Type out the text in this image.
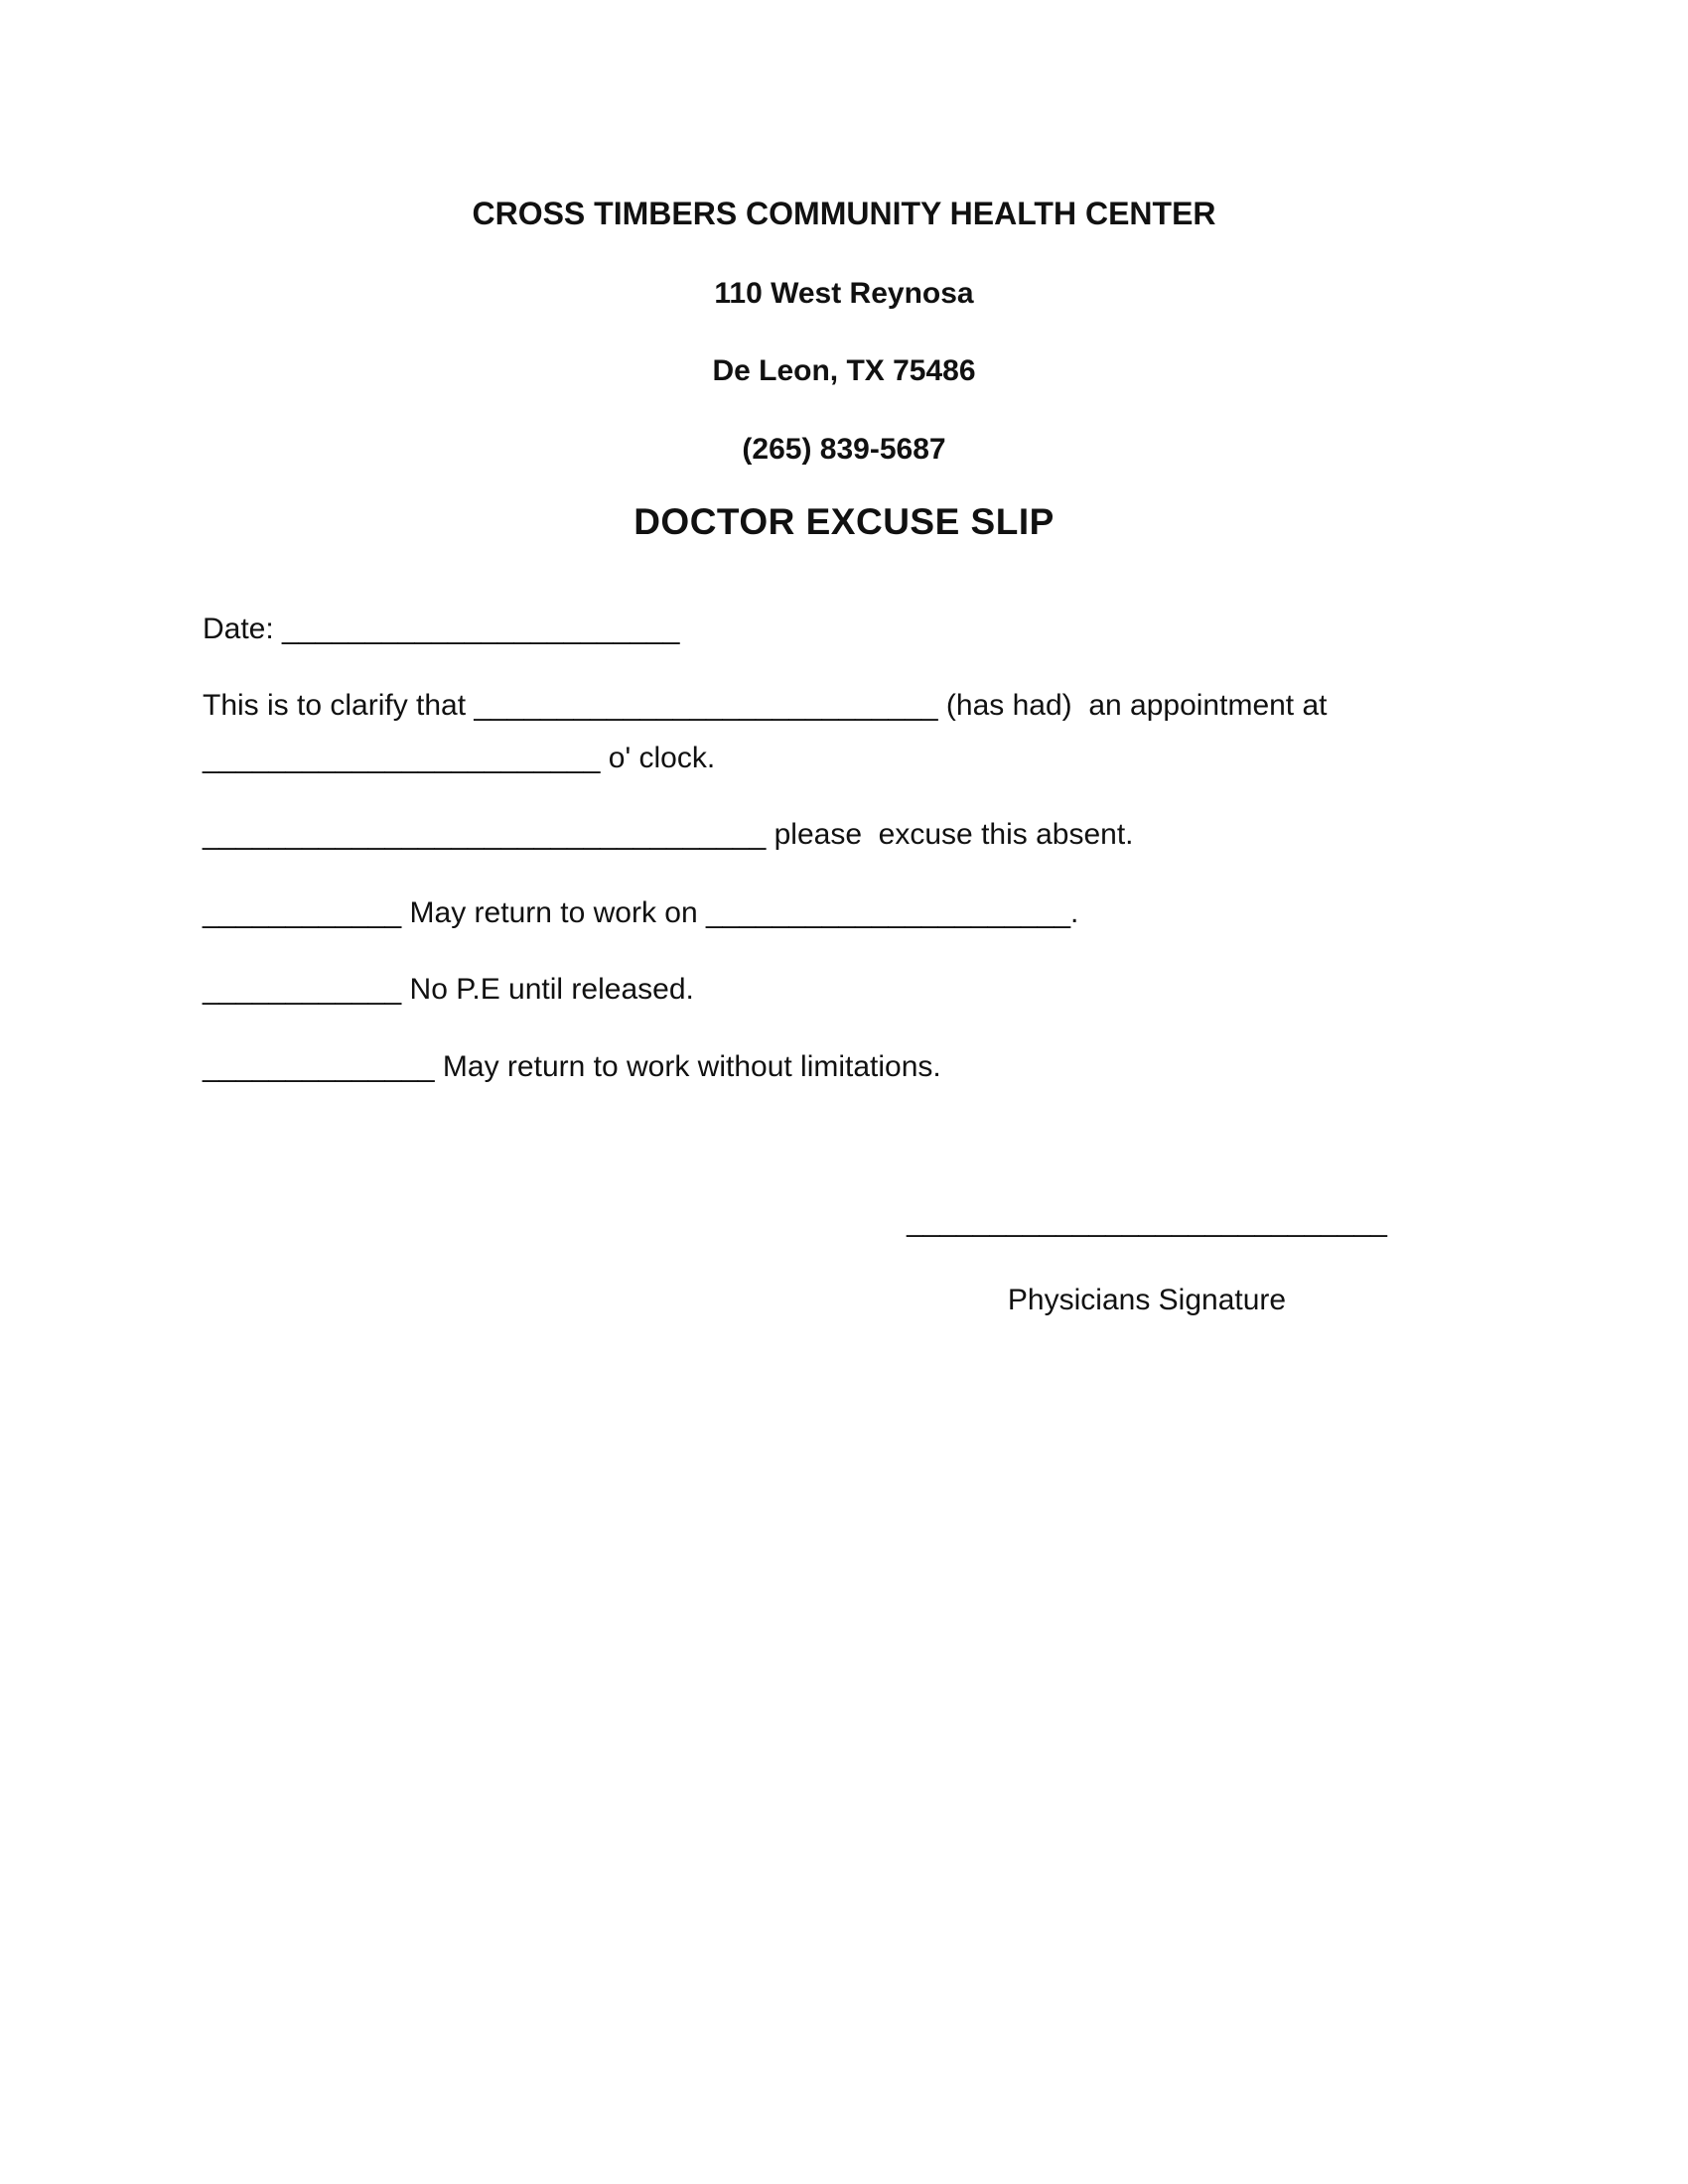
CROSS TIMBERS COMMUNITY HEALTH CENTER
110 West Reynosa
De Leon, TX 75486
(265) 839-5687
DOCTOR EXCUSE SLIP
Date: ________________________
This is to clarify that ____________________________ (has had)  an appointment at
________________________ o' clock.
__________________________________ please  excuse this absent.
____________ May return to work on ______________________.
____________ No P.E until released.
______________ May return to work without limitations.
_____________________________
Physicians Signature
